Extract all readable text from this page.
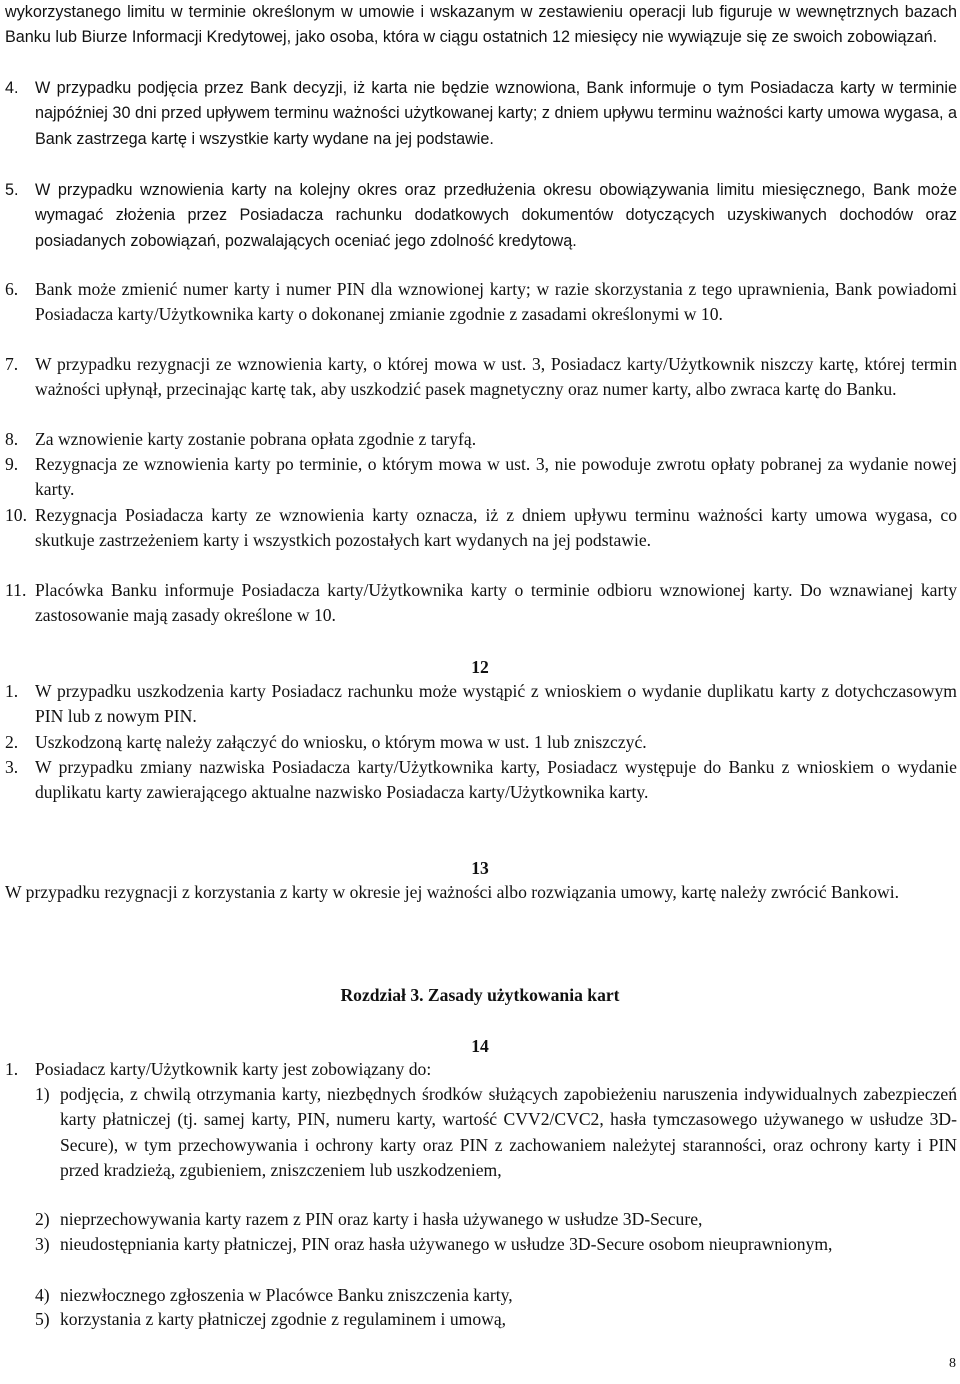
wykorzystanego limitu w terminie określonym w umowie i wskazanym w zestawieniu operacji lub figuruje w wewnętrznych bazach Banku lub Biurze Informacji Kredytowej, jako osoba, która w ciągu ostatnich 12 miesięcy nie wywiązuje się ze swoich zobowiązań.
4. W przypadku podjęcia przez Bank decyzji, iż karta nie będzie wznowiona, Bank informuje o tym Posiadacza karty w terminie najpóźniej 30 dni przed upływem terminu ważności użytkowanej karty; z dniem upływu terminu ważności karty umowa wygasa, a Bank zastrzega kartę i wszystkie karty wydane na jej podstawie.
5. W przypadku wznowienia karty na kolejny okres oraz przedłużenia okresu obowiązywania limitu miesięcznego, Bank może wymagać złożenia przez Posiadacza rachunku dodatkowych dokumentów dotyczących uzyskiwanych dochodów oraz posiadanych zobowiązań, pozwalających oceniać jego zdolność kredytową.
6. Bank może zmienić numer karty i numer PIN dla wznowionej karty; w razie skorzystania z tego uprawnienia, Bank powiadomi Posiadacza karty/Użytkownika karty o dokonanej zmianie zgodnie z zasadami określonymi w 10.
7. W przypadku rezygnacji ze wznowienia karty, o której mowa w ust. 3, Posiadacz karty/Użytkownik niszczy kartę, której termin ważności upłynął, przecinając kartę tak, aby uszkodzić pasek magnetyczny oraz numer karty, albo zwraca kartę do Banku.
8. Za wznowienie karty zostanie pobrana opłata zgodnie z taryfą.
9. Rezygnacja ze wznowienia karty po terminie, o którym mowa w ust. 3, nie powoduje zwrotu opłaty pobranej za wydanie nowej karty.
10. Rezygnacja Posiadacza karty ze wznowienia karty oznacza, iż z dniem upływu terminu ważności karty umowa wygasa, co skutkuje zastrzeżeniem karty i wszystkich pozostałych kart wydanych na jej podstawie.
11. Placówka Banku informuje Posiadacza karty/Użytkownika karty o terminie odbioru wznowionej karty. Do wznawianej karty zastosowanie mają zasady określone w 10.
12
1. W przypadku uszkodzenia karty Posiadacz rachunku może wystąpić z wnioskiem o wydanie duplikatu karty z dotychczasowym PIN lub z nowym PIN.
2. Uszkodzoną kartę należy załączyć do wniosku, o którym mowa w ust. 1 lub zniszczyć.
3. W przypadku zmiany nazwiska Posiadacza karty/Użytkownika karty, Posiadacz występuje do Banku z wnioskiem o wydanie duplikatu karty zawierającego aktualne nazwisko Posiadacza karty/Użytkownika karty.
13
W przypadku rezygnacji z korzystania z karty w okresie jej ważności albo rozwiązania umowy, kartę należy zwrócić Bankowi.
Rozdział 3. Zasady użytkowania kart
14
1. Posiadacz karty/Użytkownik karty jest zobowiązany do:
1) podjęcia, z chwilą otrzymania karty, niezbędnych środków służących zapobieżeniu naruszenia indywidualnych zabezpieczeń karty płatniczej (tj. samej karty, PIN, numeru karty, wartość CVV2/CVC2, hasła tymczasowego używanego w usłudze 3D-Secure), w tym przechowywania i ochrony karty oraz PIN z zachowaniem należytej staranności, oraz ochrony karty i PIN przed kradzieżą, zgubieniem, zniszczeniem lub uszkodzeniem,
2) nieprzechowywania karty razem z PIN oraz karty i hasła używanego w usłudze 3D-Secure,
3) nieudostępniania karty płatniczej, PIN oraz hasła używanego w usłudze 3D-Secure osobom nieuprawnionym,
4) niezwłocznego zgłoszenia w Placówce Banku zniszczenia karty,
5) korzystania z karty płatniczej zgodnie z regulaminem i umową,
8
